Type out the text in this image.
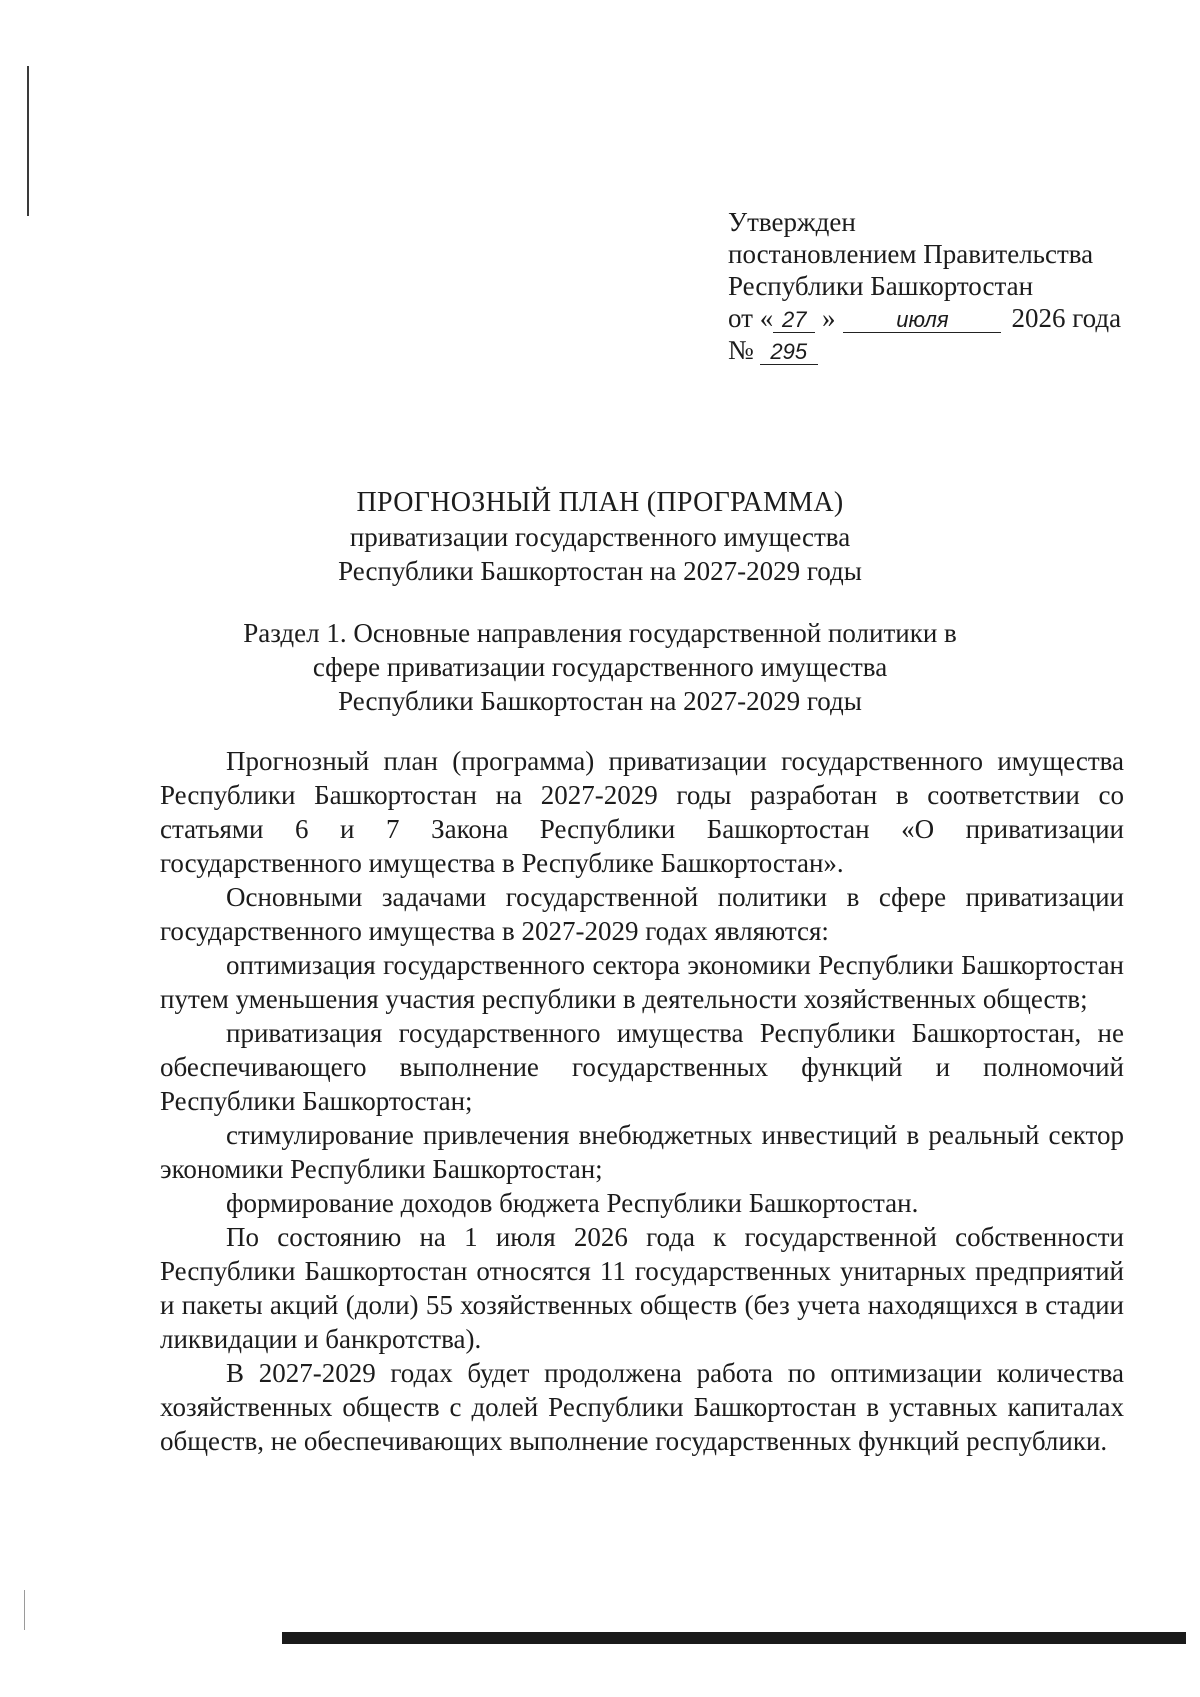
Утвержден
постановлением Правительства
Республики Башкортостан
от « 27 »	июля 2026 года
№ 295
ПРОГНОЗНЫЙ ПЛАН (ПРОГРАММА)
приватизации государственного имущества
Республики Башкортостан на 2027-2029 годы
Раздел 1. Основные направления государственной политики в
сфере приватизации государственного имущества
Республики Башкортостан на 2027-2029 годы

Прогнозный план (программа) приватизации государственного имущества Республики Башкортостан на 2027-2029 годы разработан в соответствии со статьями 6 и 7 Закона Республики Башкортостан «О приватизации государственного имущества в Республике Башкортостан».

Основными задачами государственной политики в сфере приватизации государственного имущества в 2027-2029 годах являются:

оптимизация государственного сектора экономики Республики Башкортостан путем уменьшения участия республики в деятельности хозяйственных обществ;

приватизация государственного имущества Республики Башкортостан, не обеспечивающего выполнение государственных функций и полномочий Республики Башкортостан;

стимулирование привлечения внебюджетных инвестиций в реальный сектор экономики Республики Башкортостан;

формирование доходов бюджета Республики Башкортостан.

По состоянию на 1 июля 2026 года к государственной собственности Республики Башкортостан относятся 11 государственных унитарных предприятий и пакеты акций (доли) 55 хозяйственных обществ (без учета находящихся в стадии ликвидации и банкротства).

В 2027-2029 годах будет продолжена работа по оптимизации количества хозяйственных обществ с долей Республики Башкортостан в уставных капиталах обществ, не обеспечивающих выполнение государственных функций республики.
